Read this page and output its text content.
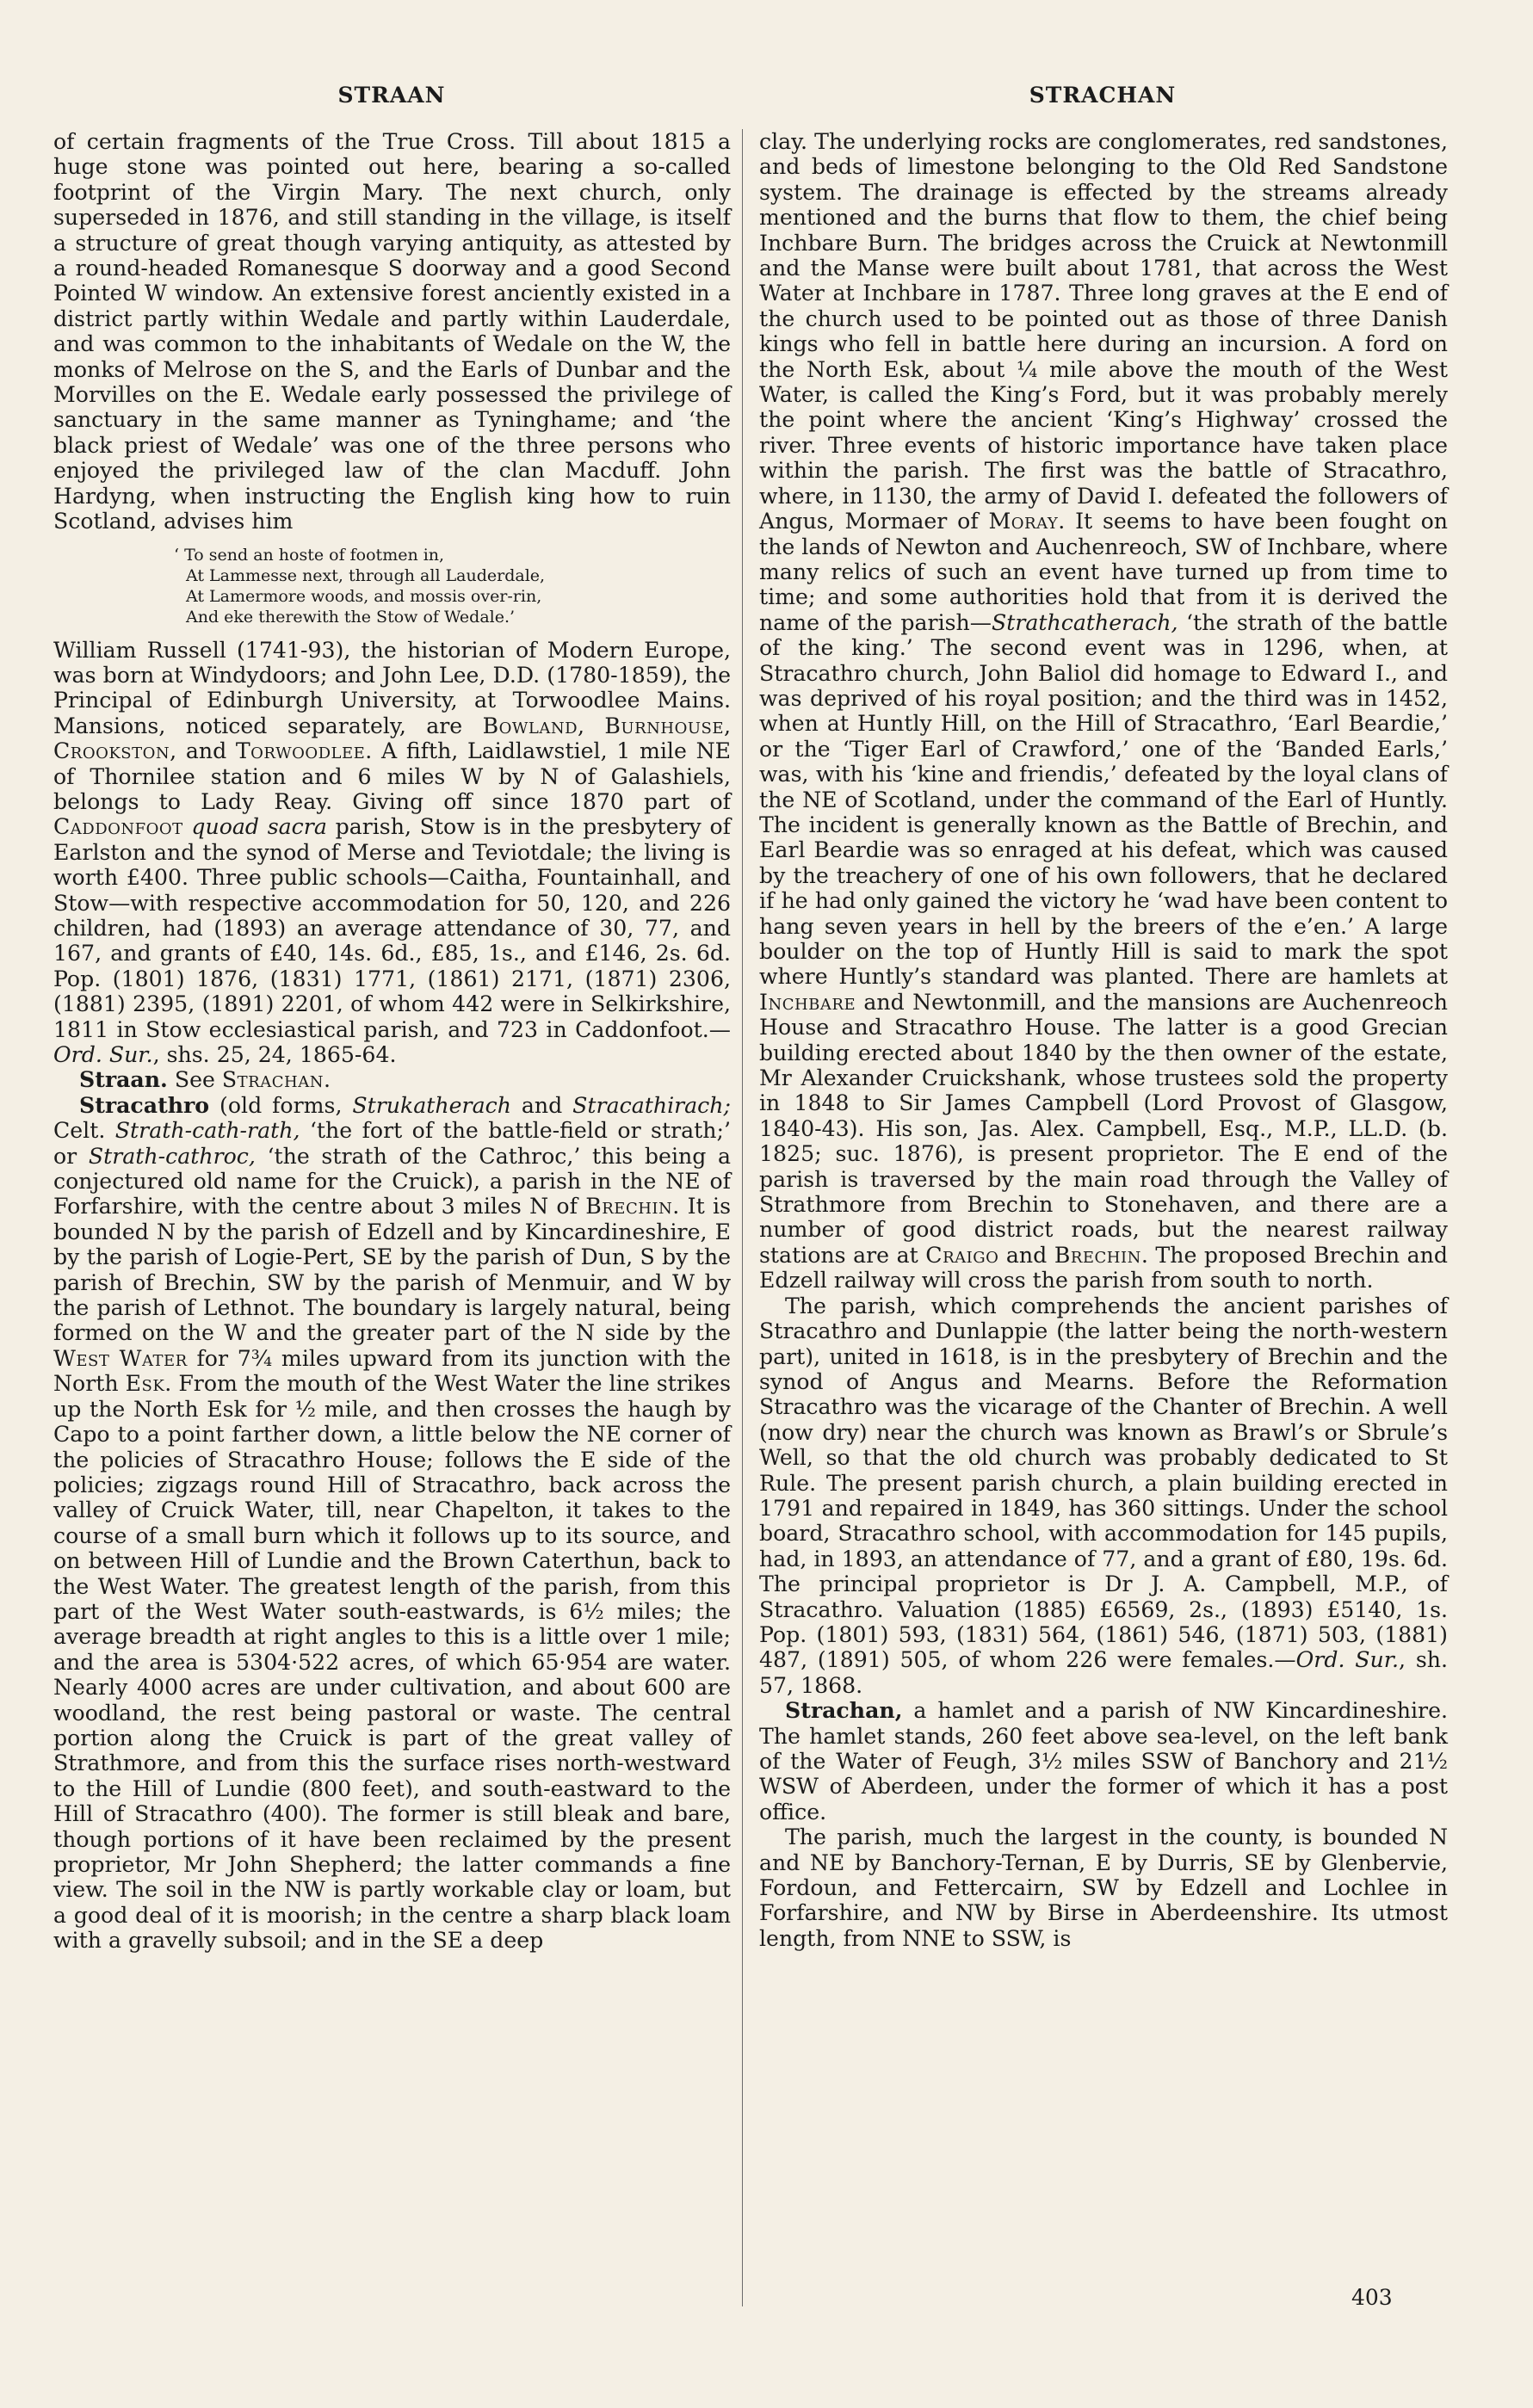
STRAAN	STRACHAN

of certain fragments of the True Cross. Till about 1815 a huge stone was pointed out here, bearing a so-called footprint of the Virgin Mary. The next church, only superseded in 1876, and still standing in the village, is itself a structure of great though varying antiquity, as attested by a round-headed Romanesque S doorway and a good Second Pointed W window. An extensive forest anciently existed in a district partly within Wedale and partly within Lauderdale, and was common to the inhabitants of Wedale on the W, the monks of Melrose on the S, and the Earls of Dunbar and the Morvilles on the E. Wedale early possessed the privilege of sanctuary in the same manner as Tyninghame; and ‘the black priest of Wedale’ was one of the three persons who enjoyed the privileged law of the clan Macduff. John Hardyng, when instructing the English king how to ruin Scotland, advises him

‘ To send an hoste of footmen in,
At Lammesse next, through all Lauderdale,
At Lamermore woods, and mossis over-rin,
And eke therewith the Stow of Wedale.’

William Russell (1741-93), the historian of Modern Europe, was born at Windydoors; and John Lee, D.D. (1780-1859), the Principal of Edinburgh University, at Torwoodlee Mains. Mansions, noticed separately, are Bowland, Burnhouse, Crookston, and Torwoodlee. A fifth, Laidlawstiel, 1 mile NE of Thornilee station and 6 miles W by N of Galashiels, belongs to Lady Reay. Giving off since 1870 part of Caddonfoot quoad sacra parish, Stow is in the presbytery of Earlston and the synod of Merse and Teviotdale; the living is worth £400. Three public schools—Caitha, Fountainhall, and Stow—with respective accommodation for 50, 120, and 226 children, had (1893) an average attendance of 30, 77, and 167, and grants of £40, 14s. 6d., £85, 1s., and £146, 2s. 6d. Pop. (1801) 1876, (1831) 1771, (1861) 2171, (1871) 2306, (1881) 2395, (1891) 2201, of whom 442 were in Selkirkshire, 1811 in Stow ecclesiastical parish, and 723 in Caddonfoot.—Ord. Sur., shs. 25, 24, 1865-64.

Straan. See Strachan.

Stracathro (old forms, Strukatherach and Stracathirach; Celt. Strath-cath-rath, ‘the fort of the battle-field or strath;’ or Strath-cathroc, ‘the strath of the Cathroc,’ this being a conjectured old name for the Cruick), a parish in the NE of Forfarshire, with the centre about 3 miles N of Brechin. It is bounded N by the parish of Edzell and by Kincardineshire, E by the parish of Logie-Pert, SE by the parish of Dun, S by the parish of Brechin, SW by the parish of Menmuir, and W by the parish of Lethnot. The boundary is largely natural, being formed on the W and the greater part of the N side by the West Water for 7¾ miles upward from its junction with the North Esk. From the mouth of the West Water the line strikes up the North Esk for ½ mile, and then crosses the haugh by Capo to a point farther down, a little below the NE corner of the policies of Stracathro House; follows the E side of the policies; zigzags round Hill of Stracathro, back across the valley of Cruick Water, till, near Chapelton, it takes to the course of a small burn which it follows up to its source, and on between Hill of Lundie and the Brown Caterthun, back to the West Water. The greatest length of the parish, from this part of the West Water south-eastwards, is 6½ miles; the average breadth at right angles to this is a little over 1 mile; and the area is 5304·522 acres, of which 65·954 are water. Nearly 4000 acres are under cultivation, and about 600 are woodland, the rest being pastoral or waste. The central portion along the Cruick is part of the great valley of Strathmore, and from this the surface rises north-westward to the Hill of Lundie (800 feet), and south-eastward to the Hill of Stracathro (400). The former is still bleak and bare, though portions of it have been reclaimed by the present proprietor, Mr John Shepherd; the latter commands a fine view. The soil in the NW is partly workable clay or loam, but a good deal of it is moorish; in the centre a sharp black loam with a gravelly subsoil; and in the SE a deep

clay. The underlying rocks are conglomerates, red sandstones, and beds of limestone belonging to the Old Red Sandstone system. The drainage is effected by the streams already mentioned and the burns that flow to them, the chief being Inchbare Burn. The bridges across the Cruick at Newtonmill and the Manse were built about 1781, that across the West Water at Inchbare in 1787. Three long graves at the E end of the church used to be pointed out as those of three Danish kings who fell in battle here during an incursion. A ford on the North Esk, about ¼ mile above the mouth of the West Water, is called the King’s Ford, but it was probably merely the point where the ancient ‘King’s Highway’ crossed the river. Three events of historic importance have taken place within the parish. The first was the battle of Stracathro, where, in 1130, the army of David I. defeated the followers of Angus, Mormaer of Moray. It seems to have been fought on the lands of Newton and Auchenreoch, SW of Inchbare, where many relics of such an event have turned up from time to time; and some authorities hold that from it is derived the name of the parish—Strathcatherach, ‘the strath of the battle of the king.’ The second event was in 1296, when, at Stracathro church, John Baliol did homage to Edward I., and was deprived of his royal position; and the third was in 1452, when at Huntly Hill, on the Hill of Stracathro, ‘Earl Beardie,’ or the ‘Tiger Earl of Crawford,’ one of the ‘Banded Earls,’ was, with his ‘kine and friendis,’ defeated by the loyal clans of the NE of Scotland, under the command of the Earl of Huntly. The incident is generally known as the Battle of Brechin, and Earl Beardie was so enraged at his defeat, which was caused by the treachery of one of his own followers, that he declared if he had only gained the victory he ‘wad have been content to hang seven years in hell by the breers of the e’en.’ A large boulder on the top of Huntly Hill is said to mark the spot where Huntly’s standard was planted. There are hamlets at Inchbare and Newtonmill, and the mansions are Auchenreoch House and Stracathro House. The latter is a good Grecian building erected about 1840 by the then owner of the estate, Mr Alexander Cruickshank, whose trustees sold the property in 1848 to Sir James Campbell (Lord Provost of Glasgow, 1840-43). His son, Jas. Alex. Campbell, Esq., M.P., LL.D. (b. 1825; suc. 1876), is present proprietor. The E end of the parish is traversed by the main road through the Valley of Strathmore from Brechin to Stonehaven, and there are a number of good district roads, but the nearest railway stations are at Craigo and Brechin. The proposed Brechin and Edzell railway will cross the parish from south to north.

The parish, which comprehends the ancient parishes of Stracathro and Dunlappie (the latter being the north-western part), united in 1618, is in the presbytery of Brechin and the synod of Angus and Mearns. Before the Reformation Stracathro was the vicarage of the Chanter of Brechin. A well (now dry) near the church was known as Brawl’s or Sbrule’s Well, so that the old church was probably dedicated to St Rule. The present parish church, a plain building erected in 1791 and repaired in 1849, has 360 sittings. Under the school board, Stracathro school, with accommodation for 145 pupils, had, in 1893, an attendance of 77, and a grant of £80, 19s. 6d. The principal proprietor is Dr J. A. Campbell, M.P., of Stracathro. Valuation (1885) £6569, 2s., (1893) £5140, 1s. Pop. (1801) 593, (1831) 564, (1861) 546, (1871) 503, (1881) 487, (1891) 505, of whom 226 were females.—Ord. Sur., sh. 57, 1868.

Strachan, a hamlet and a parish of NW Kincardineshire. The hamlet stands, 260 feet above sea-level, on the left bank of the Water of Feugh, 3½ miles SSW of Banchory and 21½ WSW of Aberdeen, under the former of which it has a post office.

The parish, much the largest in the county, is bounded N and NE by Banchory-Ternan, E by Durris, SE by Glenbervie, Fordoun, and Fettercairn, SW by Edzell and Lochlee in Forfarshire, and NW by Birse in Aberdeenshire. Its utmost length, from NNE to SSW, is

403
